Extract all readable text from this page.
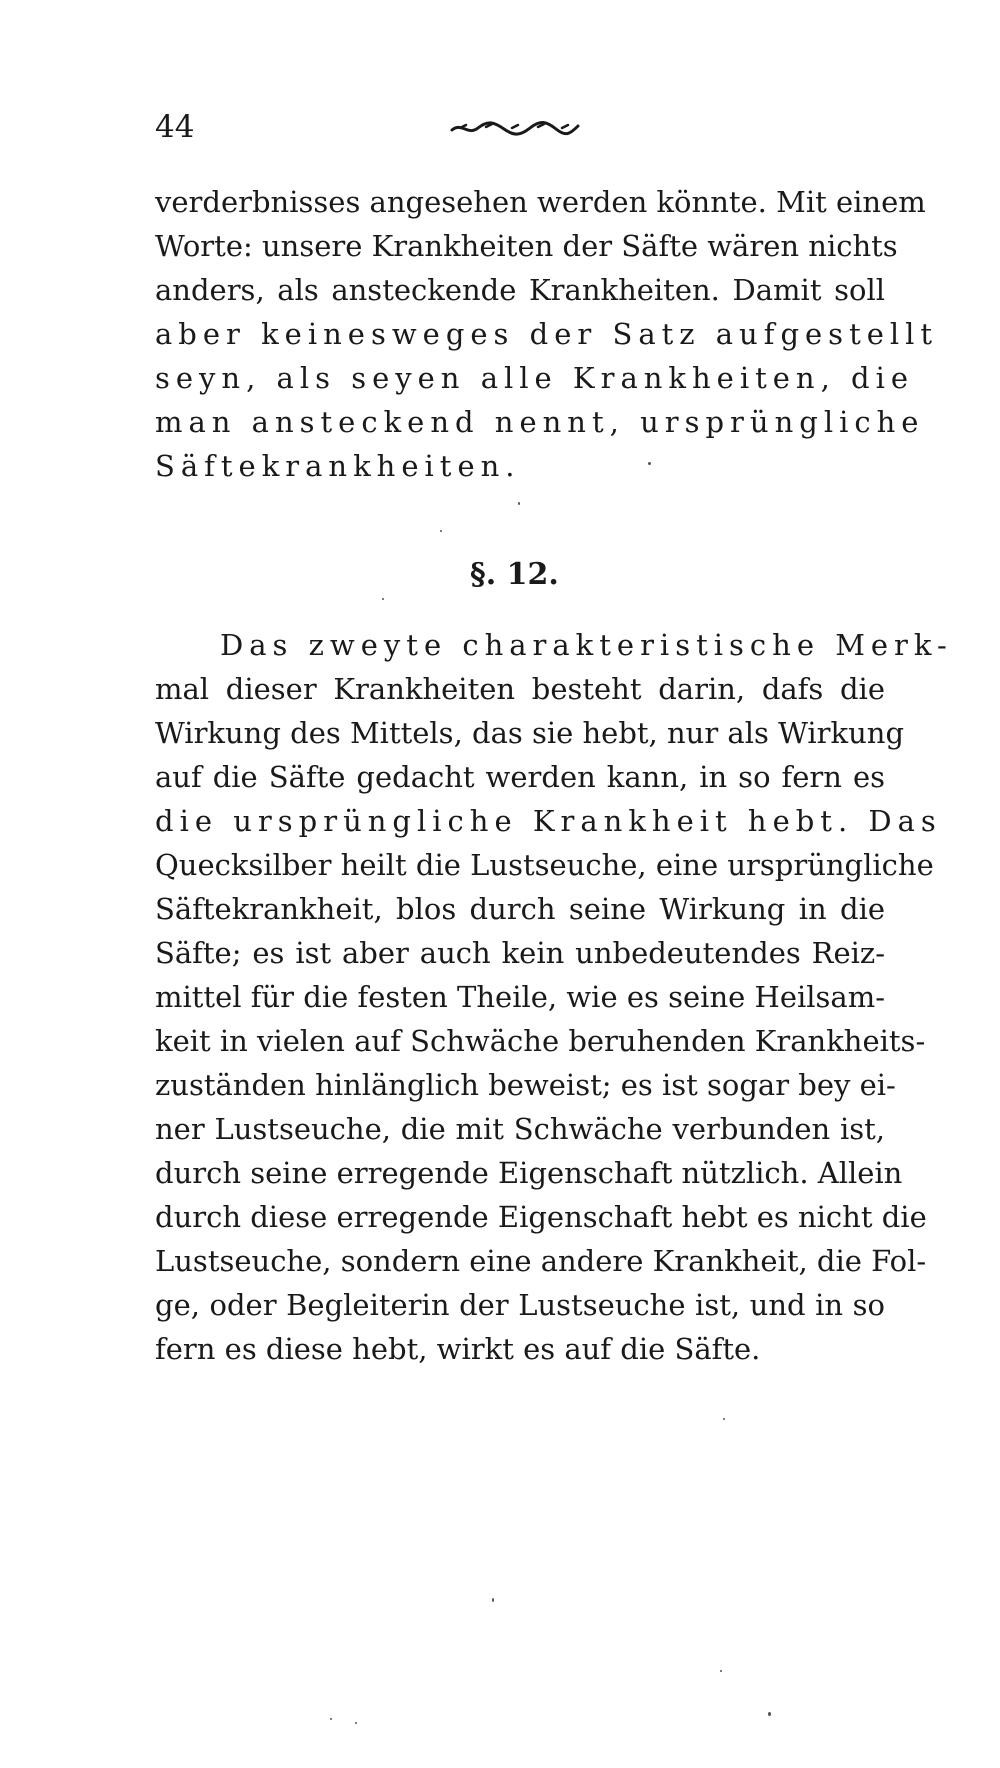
44
verderbnisses angesehen werden könnte. Mit einem
Worte: unsere Krankheiten der Säfte wären nichts
anders, als ansteckende Krankheiten. Damit soll
aber keinesweges der Satz aufgestellt
seyn, als seyen alle Krankheiten, die
man ansteckend nennt, ursprüngliche
Säftekrankheiten.
§. 12.
Das zweyte charakteristische Merk-
mal dieser Krankheiten besteht darin, dafs die
Wirkung des Mittels, das sie hebt, nur als Wirkung
auf die Säfte gedacht werden kann, in so fern es
die ursprüngliche Krankheit hebt. Das
Quecksilber heilt die Lustseuche, eine ursprüngliche
Säftekrankheit, blos durch seine Wirkung in die
Säfte; es ist aber auch kein unbedeutendes Reiz-
mittel für die festen Theile, wie es seine Heilsam-
keit in vielen auf Schwäche beruhenden Krankheits-
zuständen hinlänglich beweist; es ist sogar bey ei-
ner Lustseuche, die mit Schwäche verbunden ist,
durch seine erregende Eigenschaft nützlich. Allein
durch diese erregende Eigenschaft hebt es nicht die
Lustseuche, sondern eine andere Krankheit, die Fol-
ge, oder Begleiterin der Lustseuche ist, und in so
fern es diese hebt, wirkt es auf die Säfte.
